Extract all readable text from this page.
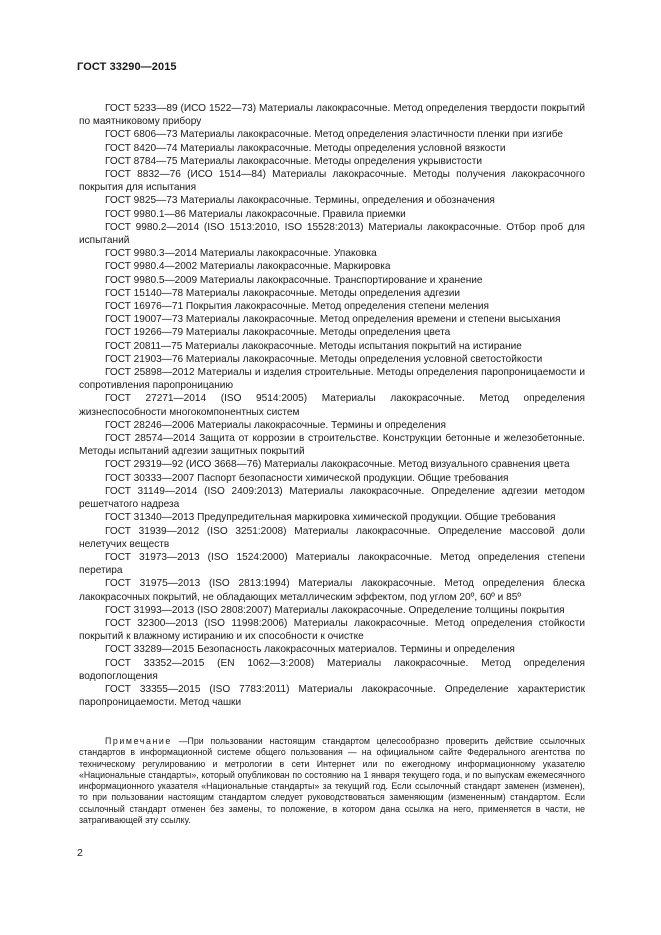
ГОСТ 33290—2015

ГОСТ 5233—89 (ИСО 1522—73) Материалы лакокрасочные. Метод определения твердости покрытий по маятниковому прибору

ГОСТ 6806—73 Материалы лакокрасочные. Метод определения эластичности пленки при изгибе

ГОСТ 8420—74 Материалы лакокрасочные. Методы определения условной вязкости

ГОСТ 8784—75 Материалы лакокрасочные. Методы определения укрывистости

ГОСТ 8832—76 (ИСО 1514—84) Материалы лакокрасочные. Методы получения лакокрасочного покрытия для испытания

ГОСТ 9825—73 Материалы лакокрасочные. Термины, определения и обозначения

ГОСТ 9980.1—86 Материалы лакокрасочные. Правила приемки

ГОСТ 9980.2—2014 (ISO 1513:2010, ISO 15528:2013) Материалы лакокрасочные. Отбор проб для испытаний

ГОСТ 9980.3—2014 Материалы лакокрасочные. Упаковка

ГОСТ 9980.4—2002 Материалы лакокрасочные. Маркировка

ГОСТ 9980.5—2009 Материалы лакокрасочные. Транспортирование и хранение

ГОСТ 15140—78 Материалы лакокрасочные. Методы определения адгезии

ГОСТ 16976—71 Покрытия лакокрасочные. Метод определения степени меления

ГОСТ 19007—73 Материалы лакокрасочные. Метод определения времени и степени высыхания

ГОСТ 19266—79 Материалы лакокрасочные. Методы определения цвета

ГОСТ 20811—75 Материалы лакокрасочные. Методы испытания покрытий на истирание

ГОСТ 21903—76 Материалы лакокрасочные. Методы определения условной светостойкости

ГОСТ 25898—2012 Материалы и изделия строительные. Методы определения паропроницаемости и сопротивления паропроницанию

ГОСТ 27271—2014 (ISO 9514:2005) Материалы лакокрасочные. Метод определения жизнеспособности многокомпонентных систем

ГОСТ 28246—2006 Материалы лакокрасочные. Термины и определения

ГОСТ 28574—2014 Защита от коррозии в строительстве. Конструкции бетонные и железобетонные. Методы испытаний адгезии защитных покрытий

ГОСТ 29319—92 (ИСО 3668—76) Материалы лакокрасочные. Метод визуального сравнения цвета

ГОСТ 30333—2007 Паспорт безопасности химической продукции. Общие требования

ГОСТ 31149—2014 (ISO 2409:2013) Материалы лакокрасочные. Определение адгезии методом решетчатого надреза

ГОСТ 31340—2013 Предупредительная маркировка химической продукции. Общие требования

ГОСТ 31939—2012 (ISO 3251:2008) Материалы лакокрасочные. Определение массовой доли нелетучих веществ

ГОСТ 31973—2013 (ISO 1524:2000) Материалы лакокрасочные. Метод определения степени перетира

ГОСТ 31975—2013 (ISO 2813:1994) Материалы лакокрасочные. Метод определения блеска лакокрасочных покрытий, не обладающих металлическим эффектом, под углом 20º, 60º и 85º

ГОСТ 31993—2013 (ISO 2808:2007) Материалы лакокрасочные. Определение толщины покрытия

ГОСТ 32300—2013 (ISO 11998:2006) Материалы лакокрасочные. Метод определения стойкости покрытий к влажному истиранию и их способности к очистке

ГОСТ 33289—2015 Безопасность лакокрасочных материалов. Термины и определения

ГОСТ 33352—2015 (EN 1062—3:2008) Материалы лакокрасочные. Метод определения водопоглощения

ГОСТ 33355—2015 (ISO 7783:2011) Материалы лакокрасочные. Определение характеристик паропроницаемости. Метод чашки

Примечание —При пользовании настоящим стандартом целесообразно проверить действие ссылочных стандартов в информационной системе общего пользования — на официальном сайте Федерального агентства по техническому регулированию и метрологии в сети Интернет или по ежегодному информационному указателю «Национальные стандарты», который опубликован по состоянию на 1 января текущего года, и по выпускам ежемесячного информационного указателя «Национальные стандарты» за текущий год. Если ссылочный стандарт заменен (изменен), то при пользовании настоящим стандартом следует руководствоваться заменяющим (измененным) стандартом. Если ссылочный стандарт отменен без замены, то положение, в котором дана ссылка на него, применяется в части, не затрагивающей эту ссылку.

2
